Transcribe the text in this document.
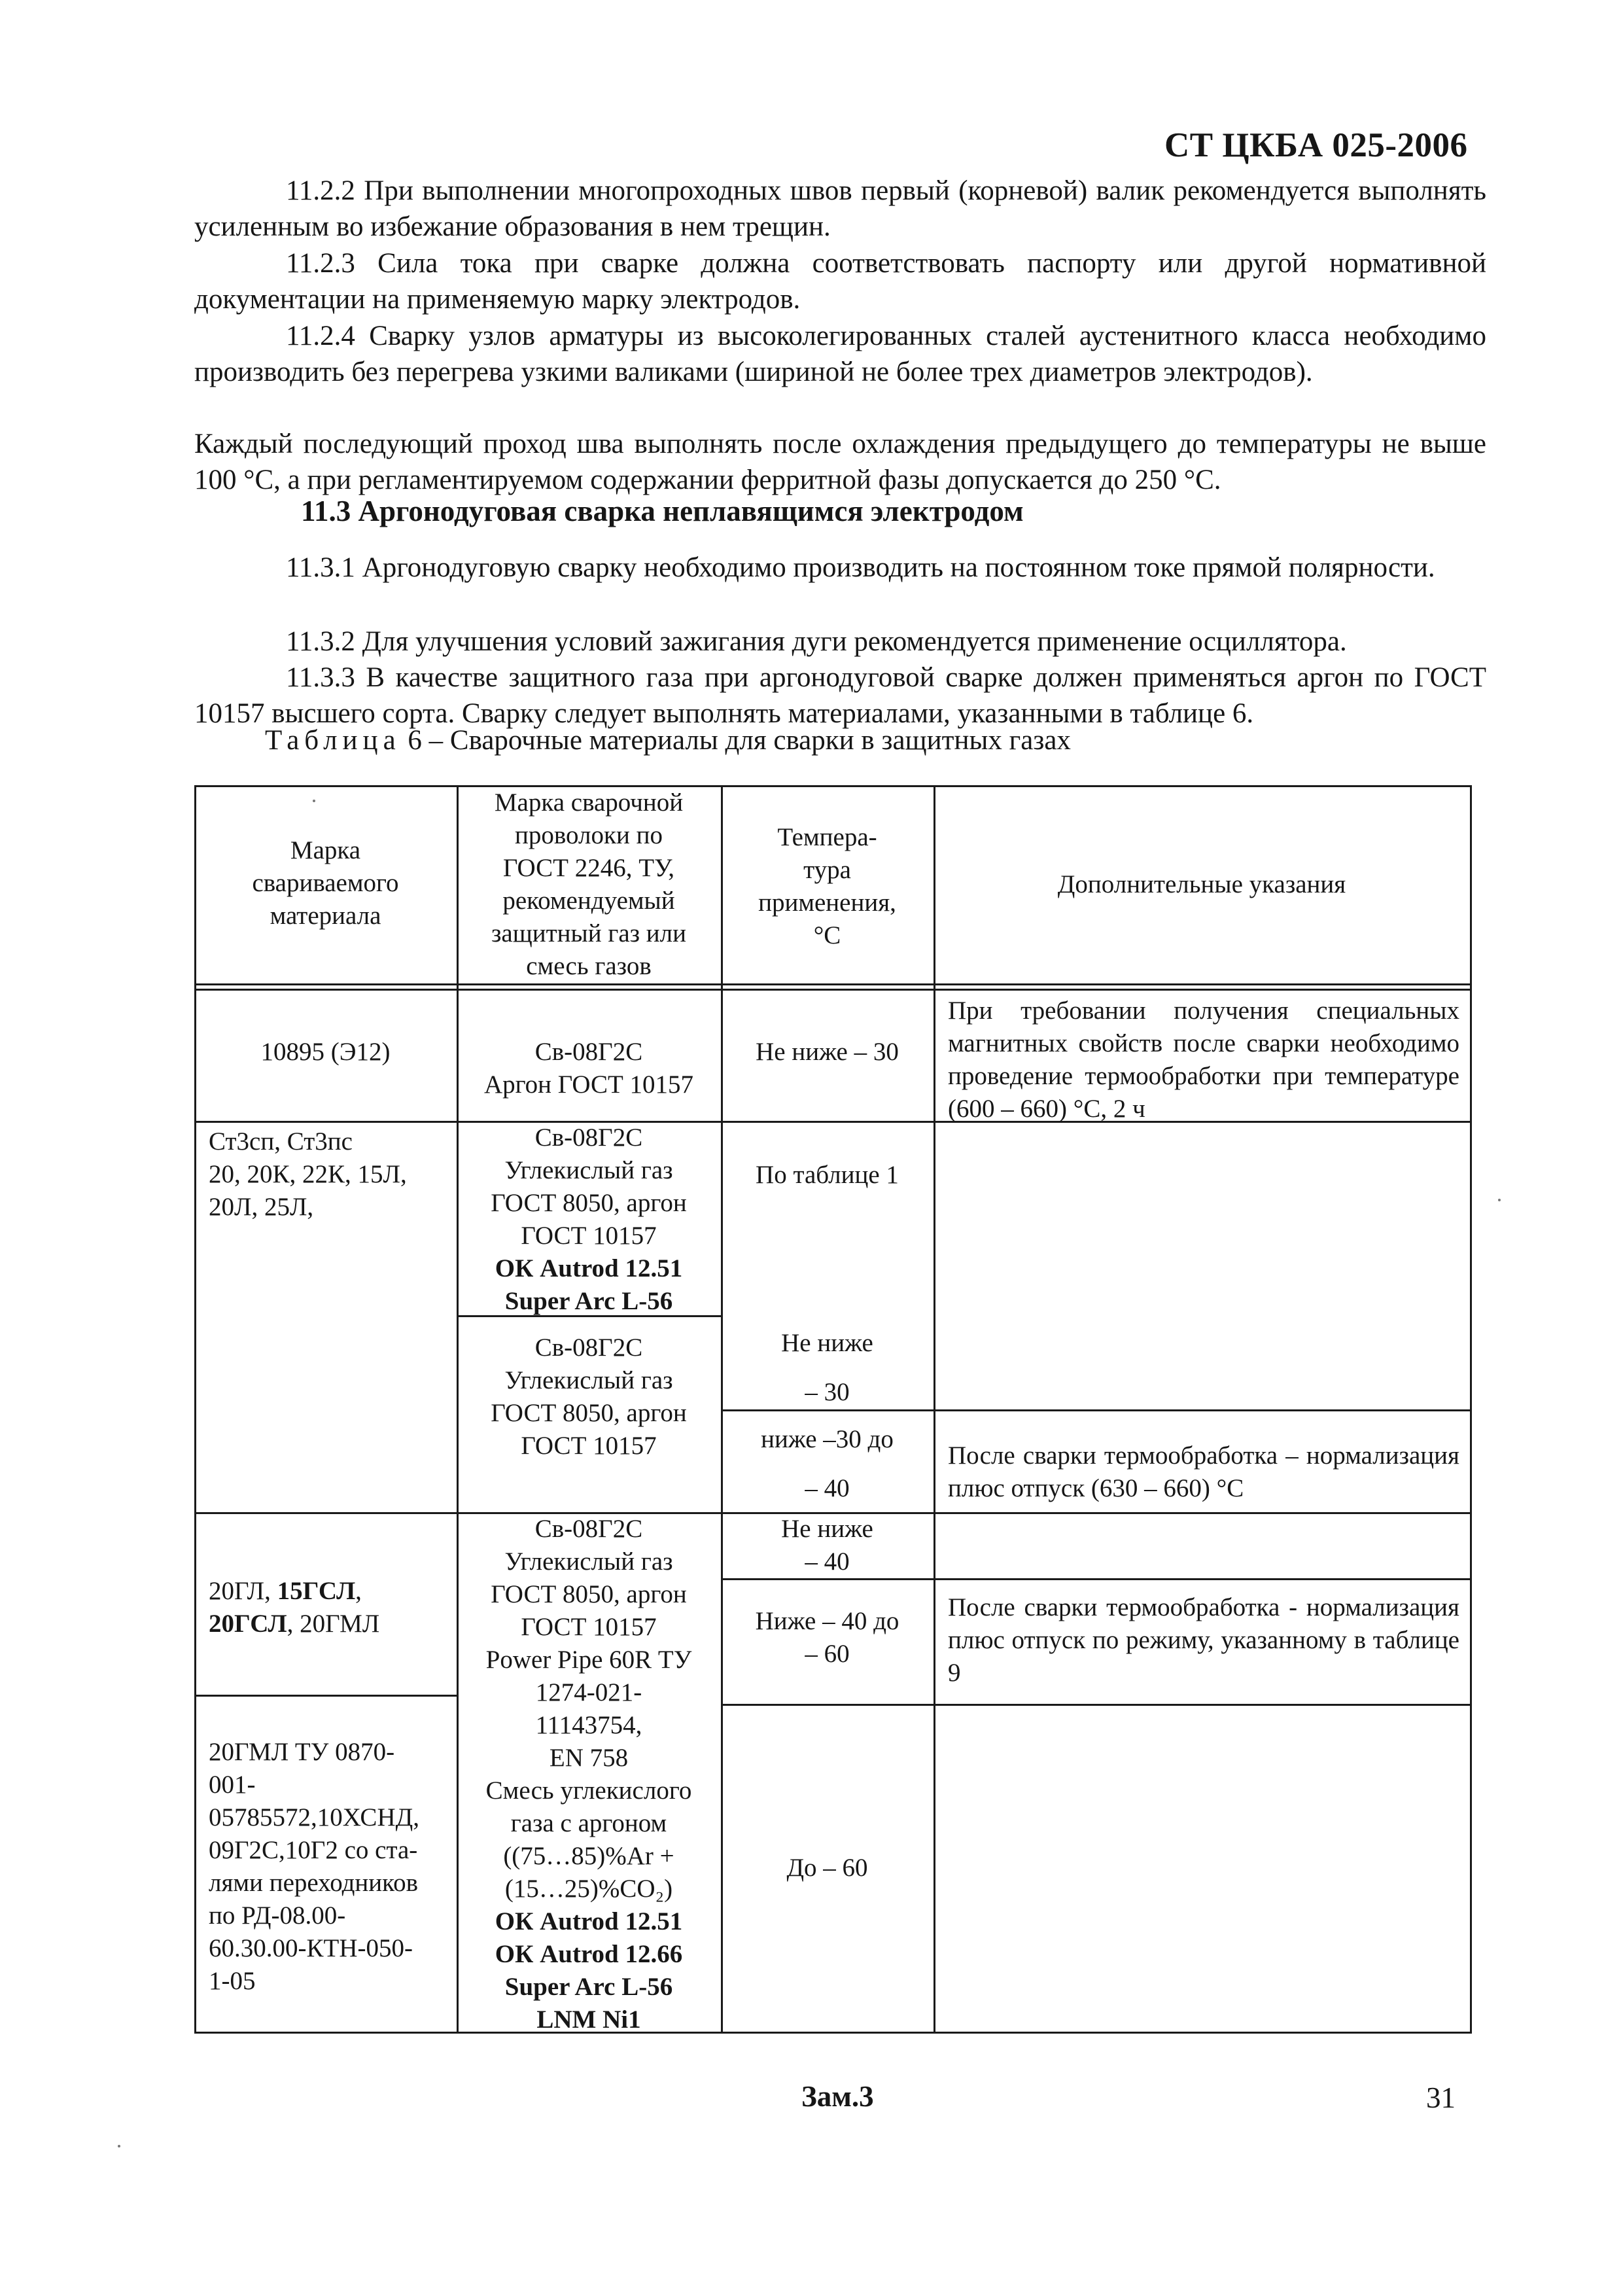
СТ ЦКБА 025-2006

11.2.2 При выполнении многопроходных швов первый (корневой) валик рекомендуется выполнять усиленным во избежание образования в нем трещин.

11.2.3 Сила тока при сварке должна соответствовать паспорту или другой нормативной документации на применяемую марку электродов.

11.2.4 Сварку узлов арматуры из высоколегированных сталей аустенитного класса необходимо производить без перегрева узкими валиками (шириной не более трех диаметров электродов).

Каждый последующий проход шва выполнять после охлаждения предыдущего до температуры не выше 100 °С, а при регламентируемом содержании ферритной фазы допускается до 250 °С.

11.3 Аргонодуговая сварка неплавящимся электродом

11.3.1 Аргонодуговую сварку необходимо производить на постоянном токе прямой полярности.

11.3.2 Для улучшения условий зажигания дуги рекомендуется применение осциллятора.

11.3.3 В качестве защитного газа при аргонодуговой сварке должен применяться аргон по ГОСТ 10157 высшего сорта. Сварку следует выполнять материалами, указанными в таблице 6.

Таблица 6 – Сварочные материалы для сварки в защитных газах

Марка
свариваемого
материала
Марка сварочной
проволоки по
ГОСТ 2246, ТУ,
рекомендуемый
защитный газ или
смесь газов
Темпера-
тура
применения,
°С
Дополнительные указания
10895 (Э12)	Св-08Г2С
Аргон ГОСТ 10157
Не ниже – 30
При требовании получения специальных магнитных свойств после сварки необходимо проведение термообработки при температуре (600 – 660) °С, 2 ч
Ст3сп, Ст3пс
20, 20К, 22К, 15Л,
20Л, 25Л,
Св-08Г2С
Углекислый газ
ГОСТ 8050, аргон
ГОСТ 10157
ОК Autrod 12.51
Super Arc L-56
По таблице 1
Св-08Г2С
Углекислый газ
ГОСТ 8050, аргон
ГОСТ 10157
Не ниже
– 30
ниже –30 до
– 40
После сварки термообработка – нормализация плюс отпуск (630 – 660) °С
20ГЛ, 15ГСЛ,
20ГСЛ, 20ГМЛ
20ГМЛ ТУ 0870-
001-
05785572,10ХСНД,
09Г2С,10Г2 со ста-
лями переходников
по РД-08.00-
60.30.00-КТН-050-
1-05
Св-08Г2С
Углекислый газ
ГОСТ 8050, аргон
ГОСТ 10157
Power Pipe 60R ТУ
1274-021-
11143754,
EN 758
Смесь углекислого
газа с аргоном
((75…85)%Ar +
(15…25)%CO₂)
ОК Autrod 12.51
ОК Autrod 12.66
Super Arc L-56
LNM Ni1
Не ниже
– 40
Ниже – 40 до
– 60
После сварки термообработка - нормализация плюс отпуск по режиму, указанному в таблице 9
До – 60
Зам.3	31
